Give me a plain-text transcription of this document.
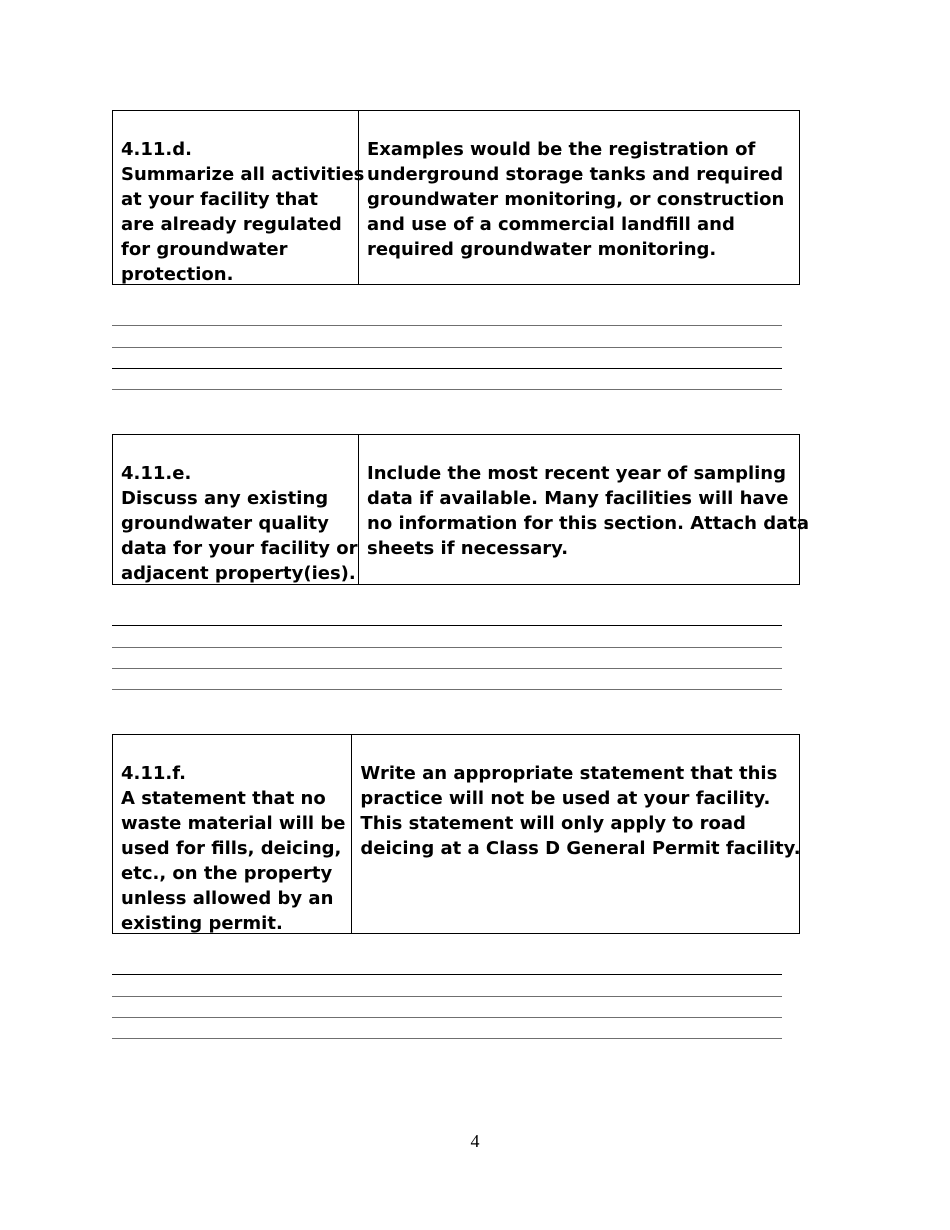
4.11.d.
Summarize all activities
at your facility that
are already regulated
for groundwater
protection.
Examples would be the registration of
underground storage tanks and required
groundwater monitoring, or construction
and use of a commercial landfill and
required groundwater monitoring.
4.11.e.
Discuss any existing
groundwater quality
data for your facility or
adjacent property(ies).
Include the most recent year of sampling
data if available. Many facilities will have
no information for this section. Attach data
sheets if necessary.
4.11.f.
A statement that no
waste material will be
used for fills, deicing,
etc., on the property
unless allowed by an
existing permit.
Write an appropriate statement that this
practice will not be used at your facility.
This statement will only apply to road
deicing at a Class D General Permit facility.
4
